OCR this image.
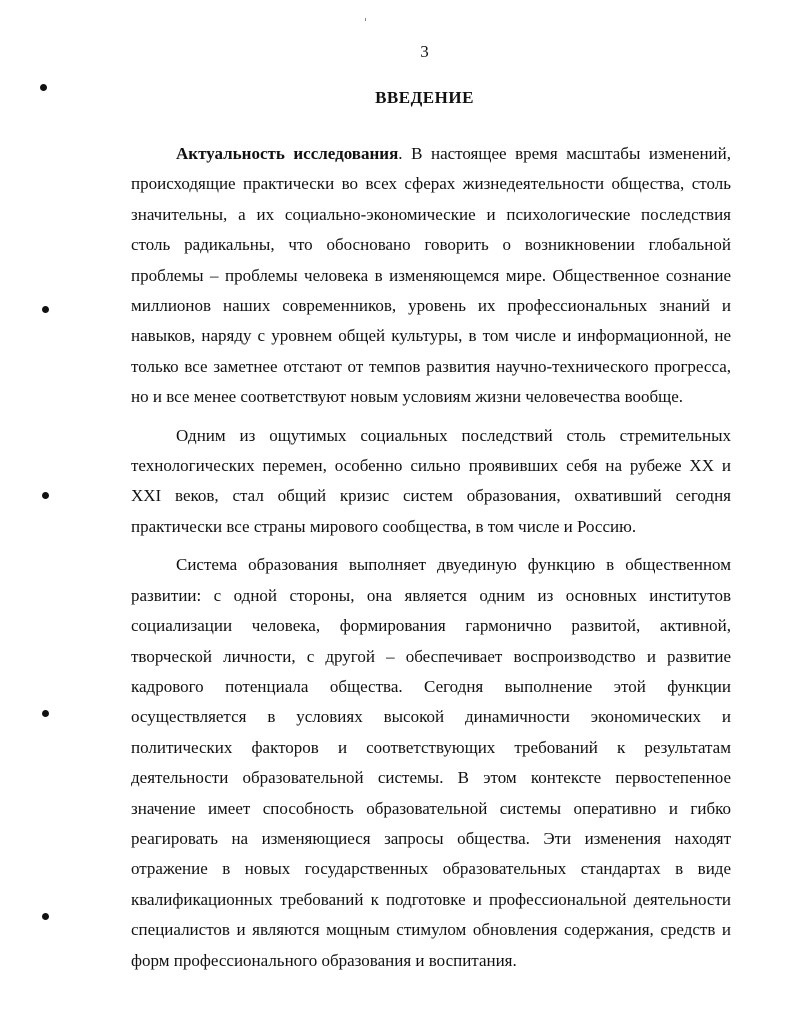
3
ВВЕДЕНИЕ

Актуальность исследования. В настоящее время масштабы изменений, происходящие практически во всех сферах жизнедеятельности общества, столь значительны, а их социально-экономические и психологические последствия столь радикальны, что обосновано говорить о возникновении глобальной проблемы – проблемы человека в изменяющемся мире. Общественное сознание миллионов наших современников, уровень их профессиональных знаний и навыков, наряду с уровнем общей культуры, в том числе и информационной, не только все заметнее отстают от темпов развития научно-технического прогресса, но и все менее соответствуют новым условиям жизни человечества вообще.

Одним из ощутимых социальных последствий столь стремительных технологических перемен, особенно сильно проявивших себя на рубеже XX и XXI веков, стал общий кризис систем образования, охвативший сегодня практически все страны мирового сообщества, в том числе и Россию.

Система образования выполняет двуединую функцию в общественном развитии: с одной стороны, она является одним из основных институтов социализации человека, формирования гармонично развитой, активной, творческой личности, с другой – обеспечивает воспроизводство и развитие кадрового потенциала общества. Сегодня выполнение этой функции осуществляется в условиях высокой динамичности экономических и политических факторов и соответствующих требований к результатам деятельности образовательной системы. В этом контексте первостепенное значение имеет способность образовательной системы оперативно и гибко реагировать на изменяющиеся запросы общества. Эти изменения находят отражение в новых государственных образовательных стандартах в виде квалификационных требований к подготовке и профессиональной деятельности специалистов и являются мощным стимулом обновления содержания, средств и форм профессионального образования и воспитания.
